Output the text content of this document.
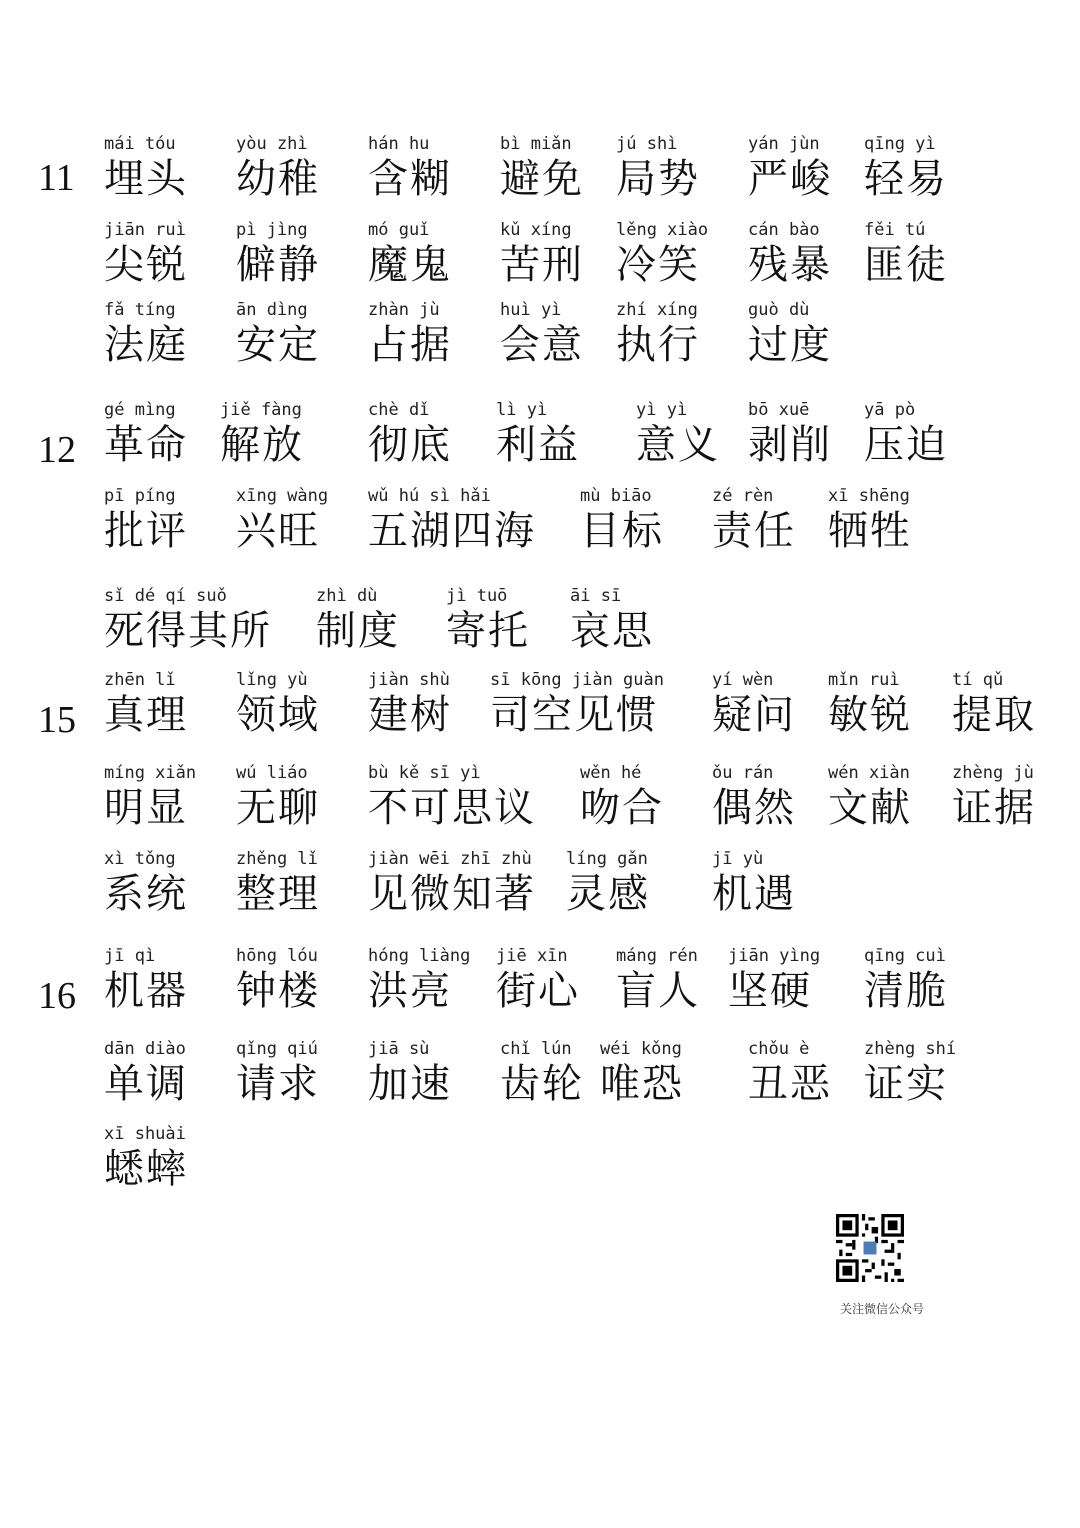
11
mái tóu
埋头
yòu zhì
幼稚
hán hu
含糊
bì miǎn
避免
jú shì
局势
yán jùn
严峻
qīng yì
轻易
jiān ruì
尖锐
pì jìng
僻静
mó guǐ
魔鬼
kǔ xíng
苦刑
lěng xiào
冷笑
cán bào
残暴
fěi tú
匪徒
fǎ tíng
法庭
ān dìng
安定
zhàn jù
占据
huì yì
会意
zhí xíng
执行
guò dù
过度
12
gé mìng
革命
jiě fàng
解放
chè dǐ
彻底
lì yì
利益
yì yì
意义
bō xuē
剥削
yā pò
压迫
pī píng
批评
xīng wàng
兴旺
wǔ hú sì hǎi
五湖四海
mù biāo
目标
zé rèn
责任
xī shēng
牺牲
sǐ dé qí suǒ
死得其所
zhì dù
制度
jì tuō
寄托
āi sī
哀思
15
zhēn lǐ
真理
lǐng yù
领域
jiàn shù
建树
sī kōng jiàn guàn
司空见惯
yí wèn
疑问
mǐn ruì
敏锐
tí qǔ
提取
míng xiǎn
明显
wú liáo
无聊
bù kě sī yì
不可思议
wěn hé
吻合
ǒu rán
偶然
wén xiàn
文献
zhèng jù
证据
xì tǒng
系统
zhěng lǐ
整理
jiàn wēi zhī zhù
见微知著
líng gǎn
灵感
jī yù
机遇
16
jī qì
机器
hōng lóu
钟楼
hóng liàng
洪亮
jiē xīn
街心
máng rén
盲人
jiān yìng
坚硬
qīng cuì
清脆
dān diào
单调
qǐng qiú
请求
jiā sù
加速
chǐ lún
齿轮
wéi kǒng
唯恐
chǒu è
丑恶
zhèng shí
证实
xī shuài
蟋蟀
关注微信公众号
